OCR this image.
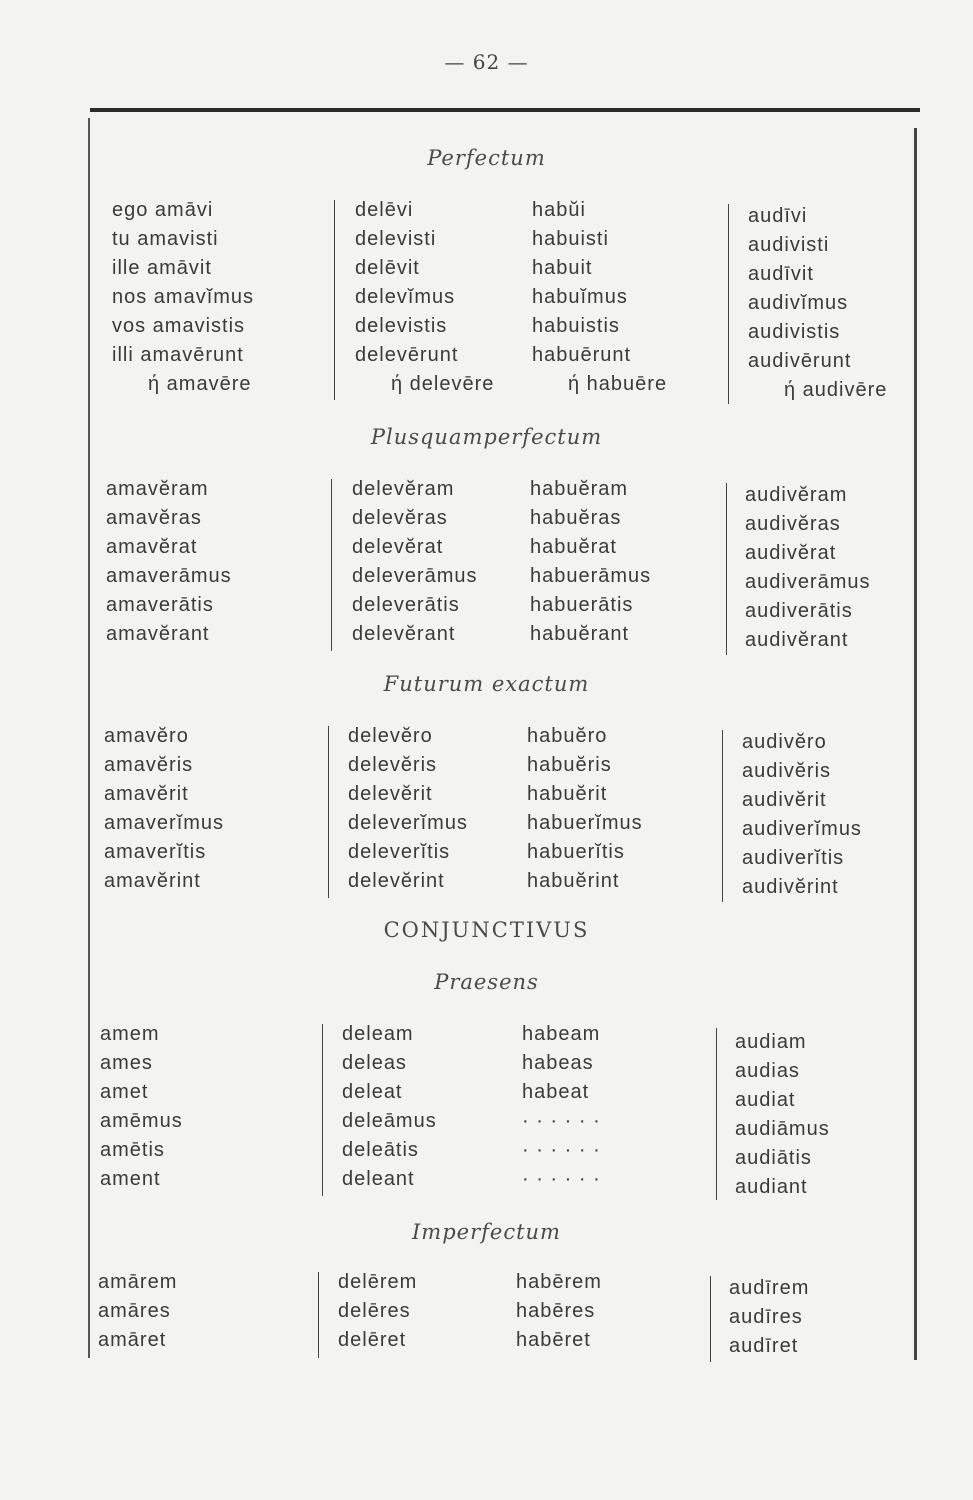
— 62 —
Perfectum
ego amāvi
tu amavisti
ille amāvit
nos amavĭmus
vos amavistis
illi amavērunt
ή amavēre
delēvi
delevisti
delēvit
delevĭmus
delevistis
delevērunt
ή delevēre
habŭi
habuisti
habuit
habuĭmus
habuistis
habuērunt
ή habuēre
audīvi
audivisti
audīvit
audivĭmus
audivistis
audivērunt
ή audivēre
Plusquamperfectum
amavĕram
amavĕras
amavĕrat
amaverāmus
amaverātis
amavĕrant
delevĕram
delevĕras
delevĕrat
deleverāmus
deleverātis
delevĕrant
habuĕram
habuĕras
habuĕrat
habuerāmus
habuerātis
habuĕrant
audivĕram
audivĕras
audivĕrat
audiverāmus
audiverātis
audivĕrant
Futurum exactum
amavĕro
amavĕris
amavĕrit
amaverĭmus
amaverĭtis
amavĕrint
delevĕro
delevĕris
delevĕrit
deleverĭmus
deleverĭtis
delevĕrint
habuĕro
habuĕris
habuĕrit
habuerĭmus
habuerĭtis
habuĕrint
audivĕro
audivĕris
audivĕrit
audiverĭmus
audiverĭtis
audivĕrint
CONJUNCTIVUS
Praesens
amem
ames
amet
amēmus
amētis
ament
deleam
deleas
deleat
deleāmus
deleātis
deleant
habeam
habeas
habeat
· · · · · ·
· · · · · ·
· · · · · ·
audiam
audias
audiat
audiāmus
audiātis
audiant
Imperfectum
amārem
amāres
amāret
delērem
delēres
delēret
habērem
habēres
habēret
audīrem
audīres
audīret
